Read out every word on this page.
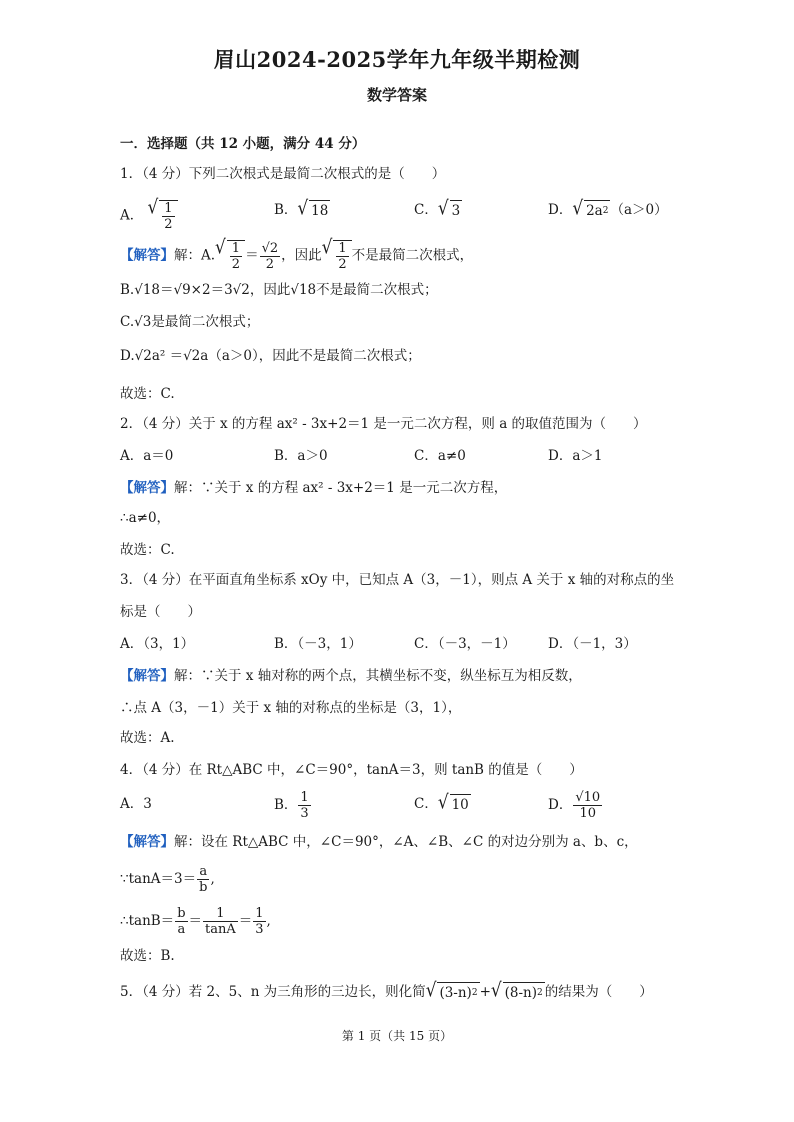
眉山2024-2025学年九年级半期检测
数学答案
一．选择题（共 12 小题，满分 44 分）
1．（4 分）下列二次根式是最简二次根式的是（　　）
A． √ $\frac{1}{2}$	B． √ 18	C． √ 3	D． √ 2a 2 （a＞0）
【解答】解：A. √ $\frac{1}{2} = \frac{√2}{2}$ ，因此 √ $\frac{1}{2}$ 不是最简二次根式，
B.√18＝√9×2＝3√2，因此√18不是最简二次根式；
C.√3是最简二次根式；
D.√2a² ＝√2a（a＞0），因此不是最简二次根式；
故选：C.
2．（4 分）关于 x 的方程 ax² - 3x+2＝1 是一元二次方程，则 a 的取值范围为（　　）
A．a＝0	B．a＞0	C．a≠0	D．a＞1
【解答】解：∵关于 x 的方程 ax² - 3x+2＝1 是一元二次方程，
∴a≠0，
故选：C.
3．（4 分）在平面直角坐标系 xOy 中，已知点 A（3，－1），则点 A 关于 x 轴的对称点的坐
标是（　　）
A．（3，1）	B．（－3，1）	C．（－3，－1） D．（－1，3）
【解答】解：∵关于 x 轴对称的两个点，其横坐标不变，纵坐标互为相反数，
∴点 A（3，－1）关于 x 轴的对称点的坐标是（3，1），
故选：A.
4．（4 分）在 Rt△ABC 中，∠C＝90°，tanA＝3，则 tanB 的值是（　　）
A．3	B． $\frac{1}{3}$	C． √ 10	D． $\frac{√10}{10}$
【解答】解：设在 Rt△ABC 中，∠C＝90°，∠A、∠B、∠C 的对边分别为 a、b、c，
∵tanA＝3＝ $\frac{a}{b}$ ,
∴tanB＝ $\frac{b}{a} = \frac{1}{\tan A} = \frac{1}{3}$ ,
故选：B.
5．（4 分）若 2、5、n 为三角形的三边长，则化简 √ (3-n) 2 + √ (8-n) 2 的结果为（　　）
第 1 页（共 15 页）
